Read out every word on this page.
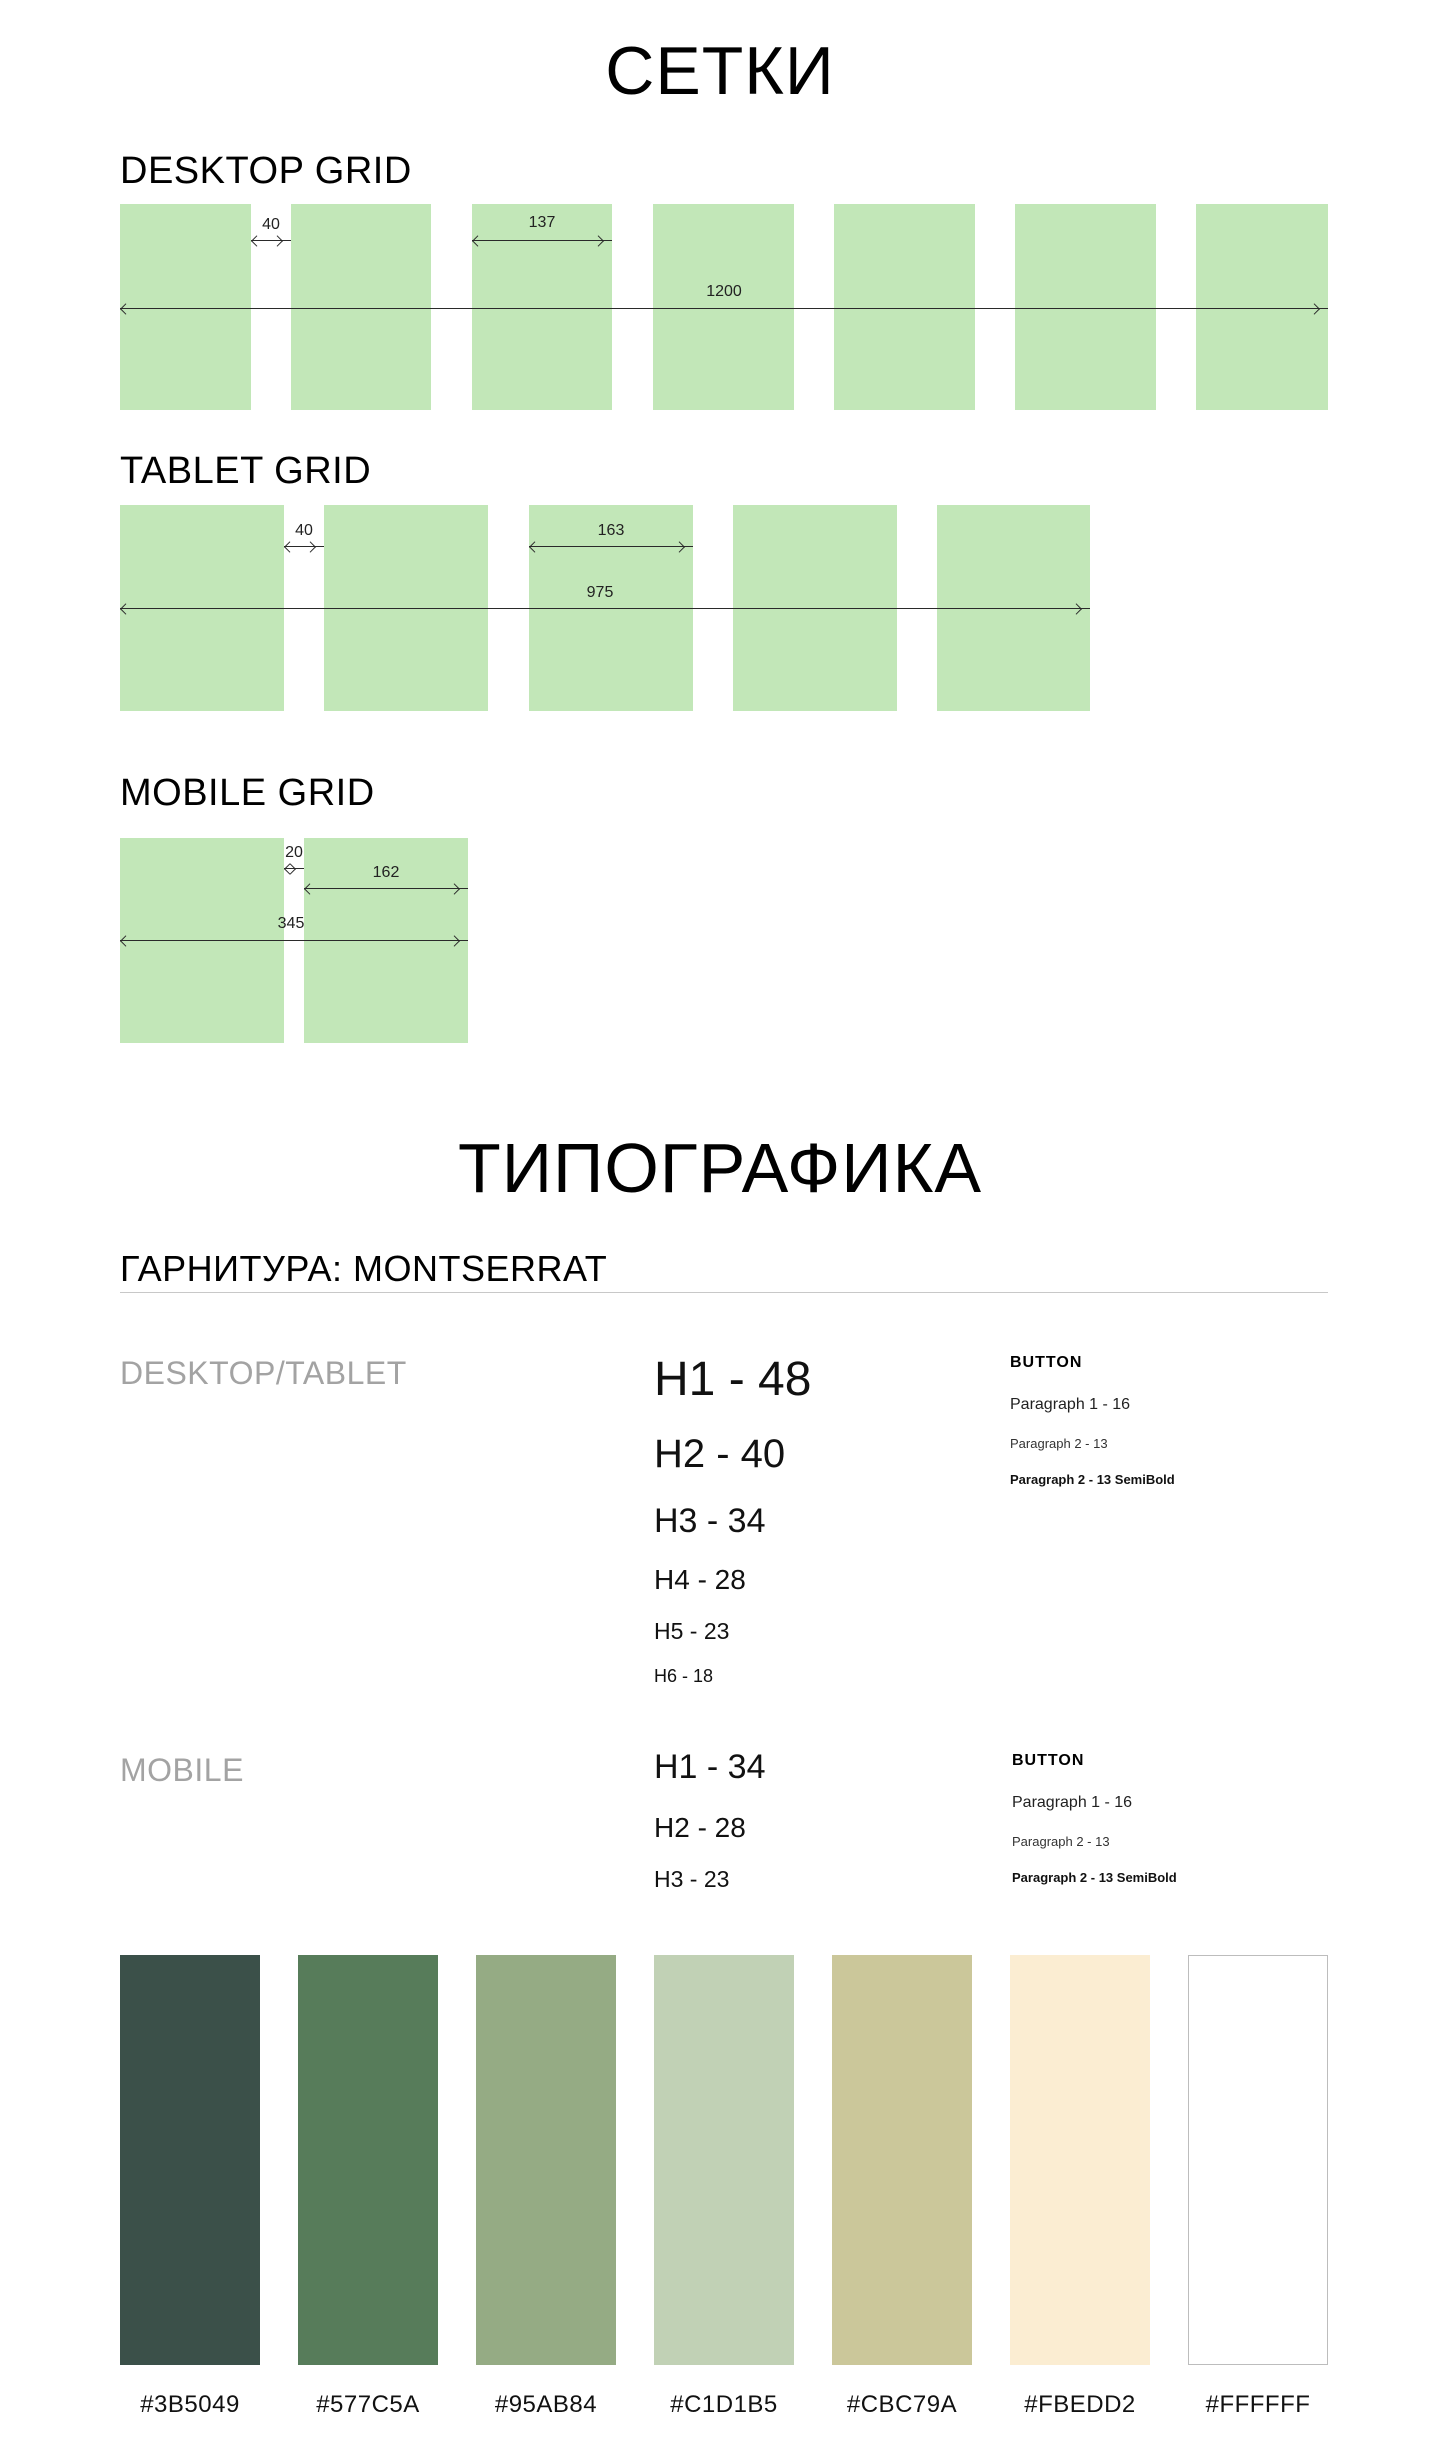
СЕТКИ
DESKTOP GRID
40	137
1200
TABLET GRID
40	163
975
MOBILE GRID
20
162
345
ТИПОГРАФИКА
ГАРНИТУРА: MONTSERRAT
DESKTOP/TABLET	H1 - 48
H2 - 40
H3 - 34
H4 - 28
H5 - 23
H6 - 18
BUTTON
Paragraph 1 - 16
Paragraph 2 - 13
Paragraph 2 - 13 SemiBold
MOBILE	H1 - 34
H2 - 28
H3 - 23
BUTTON
Paragraph 1 - 16
Paragraph 2 - 13
Paragraph 2 - 13 SemiBold
#3B5049	#577C5A	#95AB84	#C1D1B5	#CBC79A	#FBEDD2	#FFFFFF
